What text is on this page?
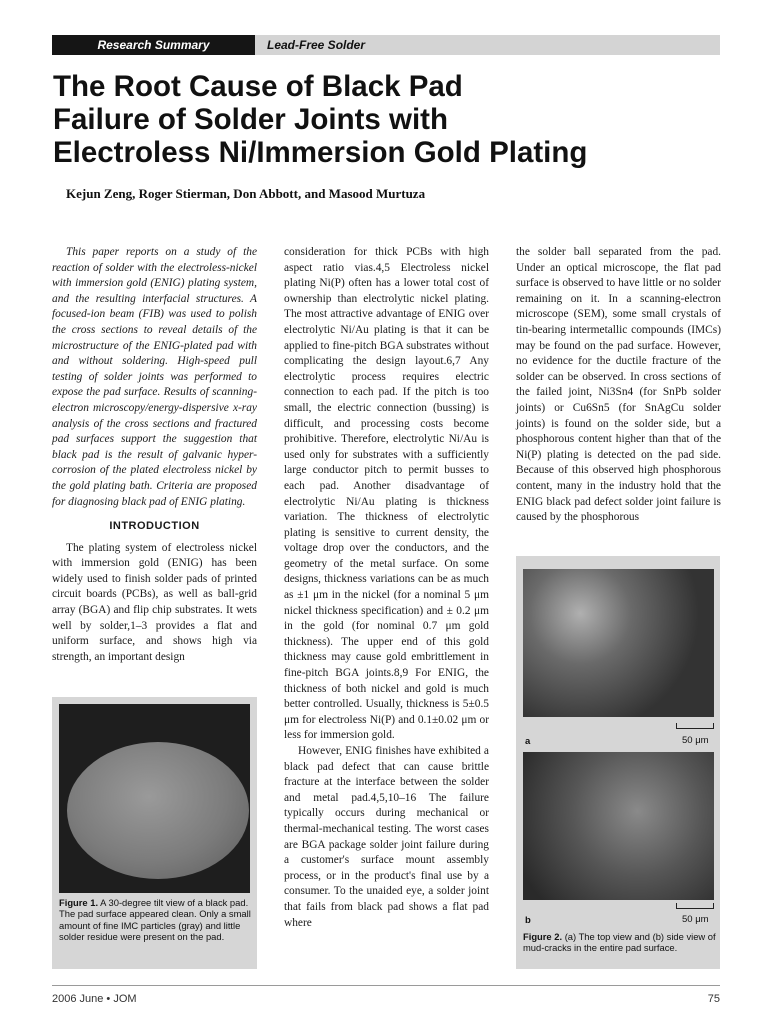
Research Summary	Lead-Free Solder
The Root Cause of Black Pad
Failure of Solder Joints with
Electroless Ni/Immersion Gold Plating
Kejun Zeng, Roger Stierman, Don Abbott, and Masood Murtuza

This paper reports on a study of the reaction of solder with the electroless-nickel with immersion gold (ENIG) plating system, and the resulting interfacial structures. A focused-ion beam (FIB) was used to polish the cross sections to reveal details of the microstructure of the ENIG-plated pad with and without soldering. High-speed pull testing of solder joints was performed to expose the pad surface. Results of scanning-electron microscopy/energy-dispersive x-ray analysis of the cross sections and fractured pad surfaces support the suggestion that black pad is the result of galvanic hyper-corrosion of the plated electroless nickel by the gold plating bath. Criteria are proposed for diagnosing black pad of ENIG plating.

INTRODUCTION

The plating system of electroless nickel with immersion gold (ENIG) has been widely used to finish solder pads of printed circuit boards (PCBs), as well as ball-grid array (BGA) and flip chip substrates. It wets well by solder,1–3 provides a flat and uniform surface, and shows high via strength, an important design

consideration for thick PCBs with high aspect ratio vias.4,5 Electroless nickel plating Ni(P) often has a lower total cost of ownership than electrolytic nickel plating. The most attractive advantage of ENIG over electrolytic Ni/Au plating is that it can be applied to fine-pitch BGA substrates without complicating the design layout.6,7 Any electrolytic process requires electric connection to each pad. If the pitch is too small, the electric connection (bussing) is difficult, and processing costs become prohibitive. Therefore, electrolytic Ni/Au is used only for substrates with a sufficiently large conductor pitch to permit busses to each pad. Another disadvantage of electrolytic Ni/Au plating is thickness variation. The thickness of electrolytic plating is sensitive to current density, the voltage drop over the conductors, and the geometry of the metal surface. On some designs, thickness variations can be as much as ±1 μm in the nickel (for a nominal 5 μm nickel thickness specification) and ± 0.2 μm in the gold (for nominal 0.7 μm gold thickness). The upper end of this gold thickness may cause gold embrittlement in fine-pitch BGA joints.8,9 For ENIG, the thickness of both nickel and gold is much better controlled. Usually, thickness is 5±0.5 μm for electroless Ni(P) and 0.1±0.02 μm or less for immersion gold.

However, ENIG finishes have exhibited a black pad defect that can cause brittle fracture at the interface between the solder and metal pad.4,5,10–16 The failure typically occurs during mechanical or thermal-mechanical testing. The worst cases are BGA package solder joint failure during a customer's surface mount assembly process, or in the product's final use by a consumer. To the unaided eye, a solder joint that fails from black pad shows a flat pad where

the solder ball separated from the pad. Under an optical microscope, the flat pad surface is observed to have little or no solder remaining on it. In a scanning-electron microscope (SEM), some small crystals of tin-bearing intermetallic compounds (IMCs) may be found on the pad surface. However, no evidence for the ductile fracture of the solder can be observed. In cross sections of the failed joint, Ni3Sn4 (for SnPb solder joints) or Cu6Sn5 (for SnAgCu solder joints) is found on the solder side, but a phosphorous content higher than that of the Ni(P) plating is detected on the pad side. Because of this observed high phosphorous content, many in the industry hold that the ENIG black pad defect solder joint failure is caused by the phosphorous

Figure 1. A 30-degree tilt view of a black pad. The pad surface appeared clean. Only a small amount of fine IMC particles (gray) and little solder residue were present on the pad.
a	50 μm
b	50 μm
Figure 2. (a) The top view and (b) side view of mud-cracks in the entire pad surface.
2006 June • JOM	75
